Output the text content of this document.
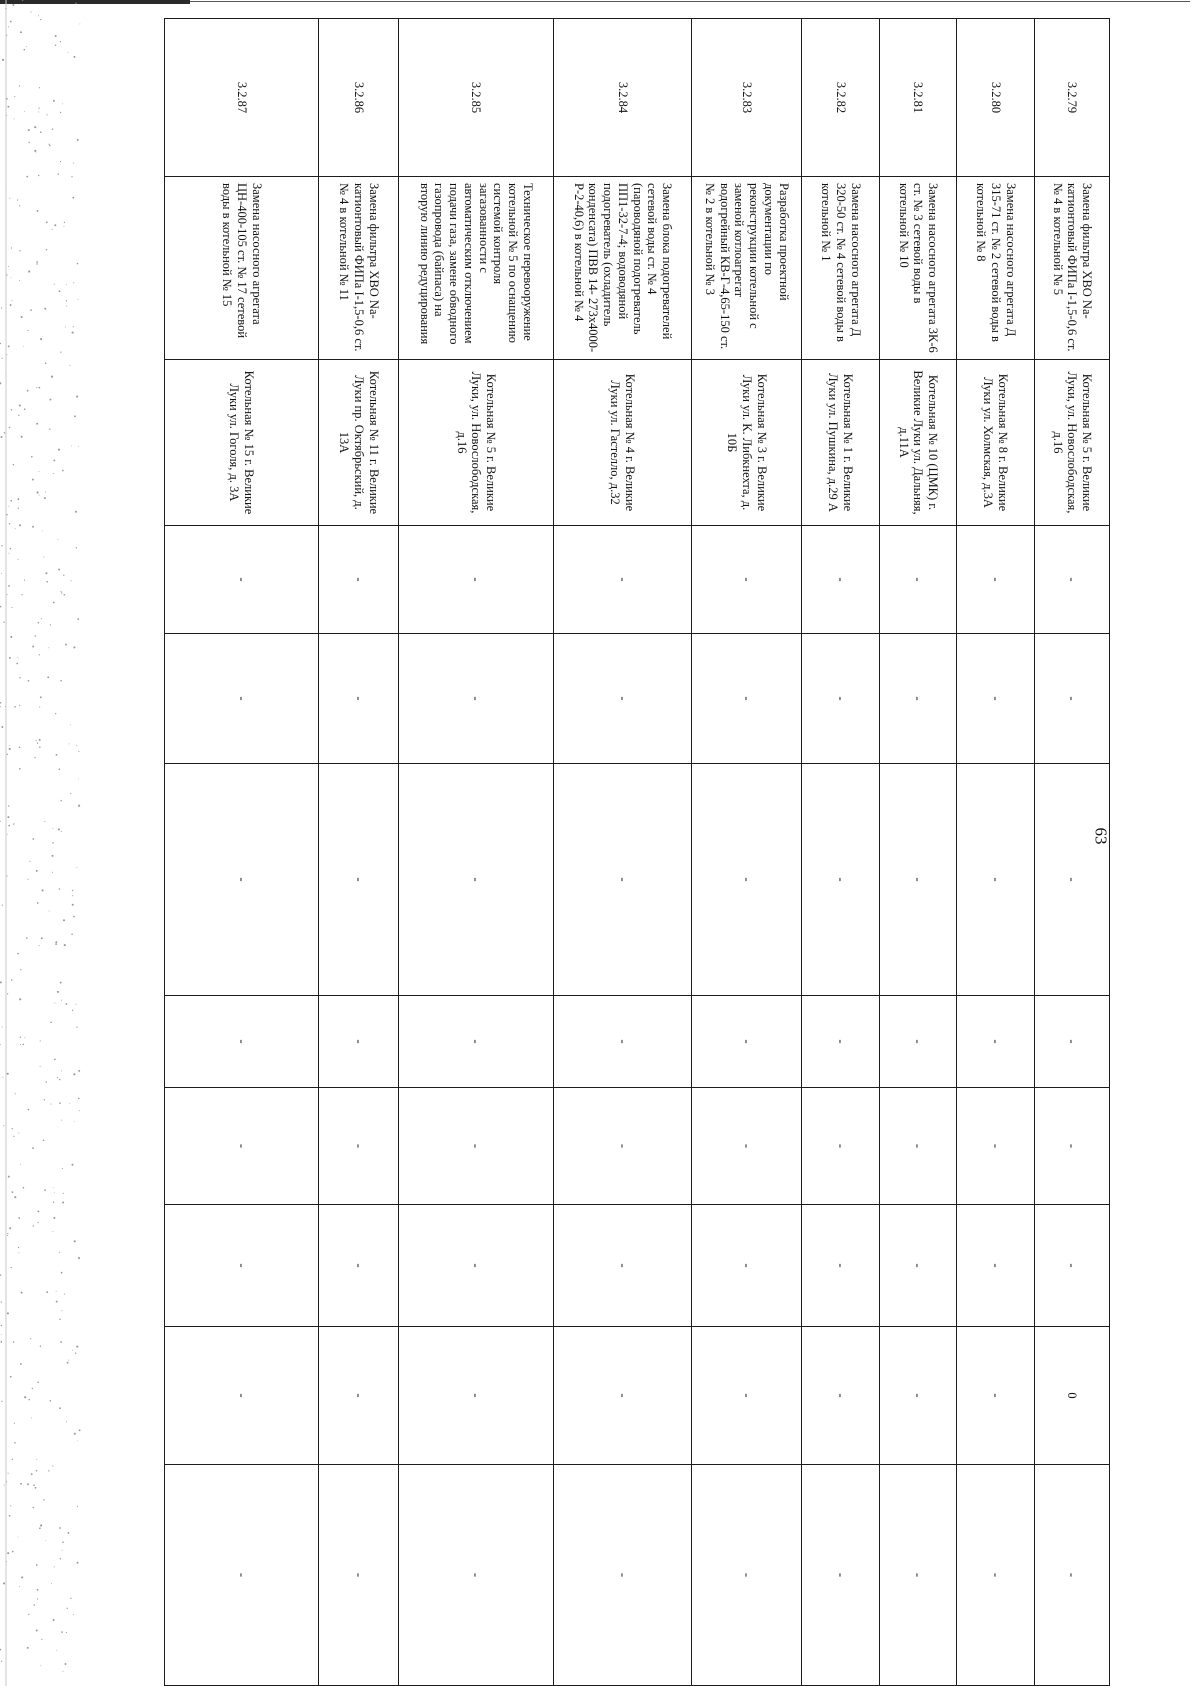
63
3.2.79	Замена фильтра ХВО Na-катионтовый ФИПа I-1,5-0,6 ст. № 4 в котельной № 5	Котельная № 5 г. Великие Луки, ул. Новослободская, д.16	-	-	-	-	-	-	0	-
3.2.80	Замена насосного агрегата Д 315-71 ст. № 2 сетевой воды в котельной № 8	Котельная № 8 г. Великие Луки ул. Холмская, д.3А	-	-	-	-	-	-	-	-
3.2.81	Замена насосного агрегата 3К-6 ст. № 3 сетевой воды в котельной № 10	Котельная № 10 (ЦМК) г. Великие Луки ул. Дальняя, д.11А	-	-	-	-	-	-	-	-
3.2.82	Замена насосного агрегата Д 320-50 ст. № 4 сетевой воды в котельной № 1	Котельная № 1 г. Великие Луки ул. Пушкина, д.29 А	-	-	-	-	-	-	-	-
3.2.83	Разработка проектной документации по реконструкции котельной с заменой котлоагрегат водогрейный КВ-Г-4,65-150 ст. № 2 в котельной № 3	Котельная № 3 г. Великие Луки ул. К. Либкнехта, д. 10Б	-	-	-	-	-	-	-	-
3.2.84	Замена блока подогревателей сетевой воды ст. № 4 (пароводяной подогреватель ПП1-32-7-4; водоводяной подогреватель (охладитель конденсата) ПВВ 14- 273х4000-Р-2-40,6) в котельной № 4	Котельная № 4 г. Великие Луки ул. Гастелло, д.32	-	-	-	-	-	-	-	-
3.2.85	Техническое перевооружение котельной № 5 по оснащению системой контроля загазованности с автоматическим отключением подачи газа, замене обводного газопровода (байпаса) на вторую линию редуцирования	Котельная № 5 г. Великие Луки, ул. Новослободская, д.16	-	-	-	-	-	-	-	-
3.2.86	Замена фильтра ХВО Na-катионтовый ФИПа I-1,5-0,6 ст. № 4 в котельной № 11	Котельная № 11 г. Великие Луки пр. Октябрьский, д. 13А	-	-	-	-	-	-	-	-
3.2.87	Замена насосного агрегата ЦН-400-105 ст. № 17 сетевой воды в котельной № 15	Котельная № 15 г. Великие Луки ул. Гоголя, д. 3А	-	-	-	-	-	-	-	-
